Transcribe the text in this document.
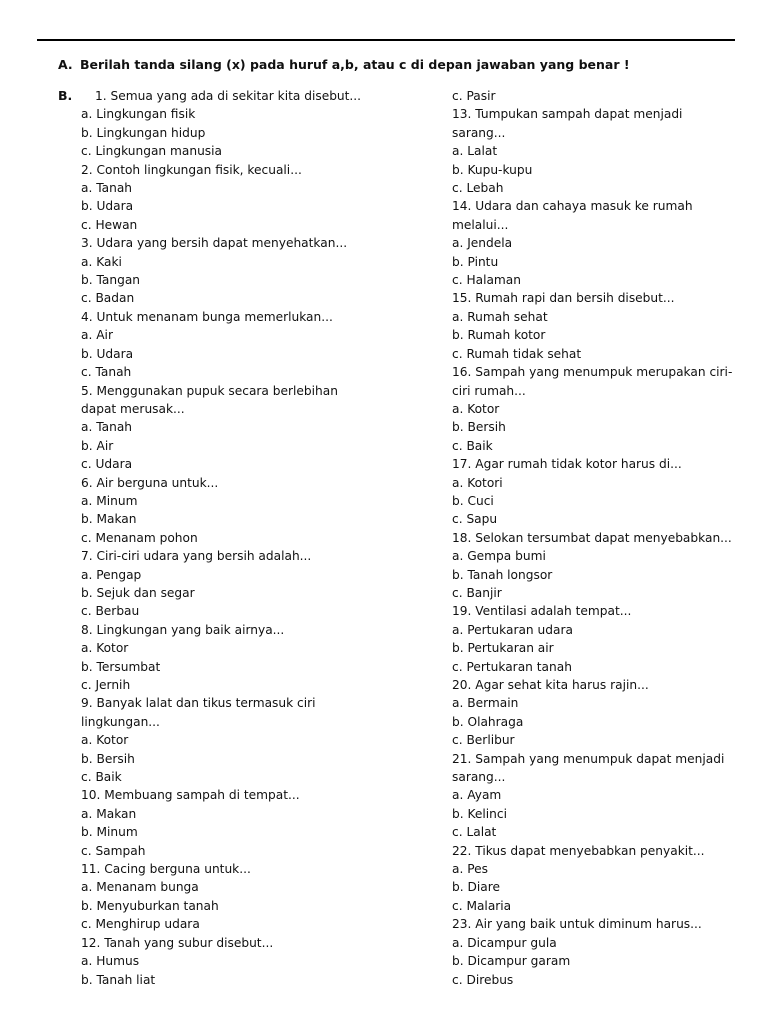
A. Berilah tanda silang (x) pada huruf a,b, atau c di depan jawaban yang benar !
B.	1. Semua yang ada di sekitar kita disebut...
a. Lingkungan fisik
b. Lingkungan hidup
c. Lingkungan manusia
2. Contoh lingkungan fisik, kecuali...
a. Tanah
b. Udara
c. Hewan
3. Udara yang bersih dapat menyehatkan...
a. Kaki
b. Tangan
c. Badan
4. Untuk menanam bunga memerlukan...
a. Air
b. Udara
c. Tanah
5. Menggunakan pupuk secara berlebihan
dapat merusak...
a. Tanah
b. Air
c. Udara
6. Air berguna untuk...
a. Minum
b. Makan
c. Menanam pohon
7. Ciri-ciri udara yang bersih adalah...
a. Pengap
b. Sejuk dan segar
c. Berbau
8. Lingkungan yang baik airnya...
a. Kotor
b. Tersumbat
c. Jernih
9. Banyak lalat dan tikus termasuk ciri
lingkungan...
a. Kotor
b. Bersih
c. Baik
10. Membuang sampah di tempat...
a. Makan
b. Minum
c. Sampah
11. Cacing berguna untuk...
a. Menanam bunga
b. Menyuburkan tanah
c. Menghirup udara
12. Tanah yang subur disebut...
a. Humus
b. Tanah liat
c. Pasir
13. Tumpukan sampah dapat menjadi
sarang...
a. Lalat
b. Kupu-kupu
c. Lebah
14. Udara dan cahaya masuk ke rumah
melalui...
a. Jendela
b. Pintu
c. Halaman
15. Rumah rapi dan bersih disebut...
a. Rumah sehat
b. Rumah kotor
c. Rumah tidak sehat
16. Sampah yang menumpuk merupakan ciri-
ciri rumah...
a. Kotor
b. Bersih
c. Baik
17. Agar rumah tidak kotor harus di...
a. Kotori
b. Cuci
c. Sapu
18. Selokan tersumbat dapat menyebabkan...
a. Gempa bumi
b. Tanah longsor
c. Banjir
19. Ventilasi adalah tempat...
a. Pertukaran udara
b. Pertukaran air
c. Pertukaran tanah
20. Agar sehat kita harus rajin...
a. Bermain
b. Olahraga
c. Berlibur
21. Sampah yang menumpuk dapat menjadi
sarang...
a. Ayam
b. Kelinci
c. Lalat
22. Tikus dapat menyebabkan penyakit...
a. Pes
b. Diare
c. Malaria
23. Air yang baik untuk diminum harus...
a. Dicampur gula
b. Dicampur garam
c. Direbus
